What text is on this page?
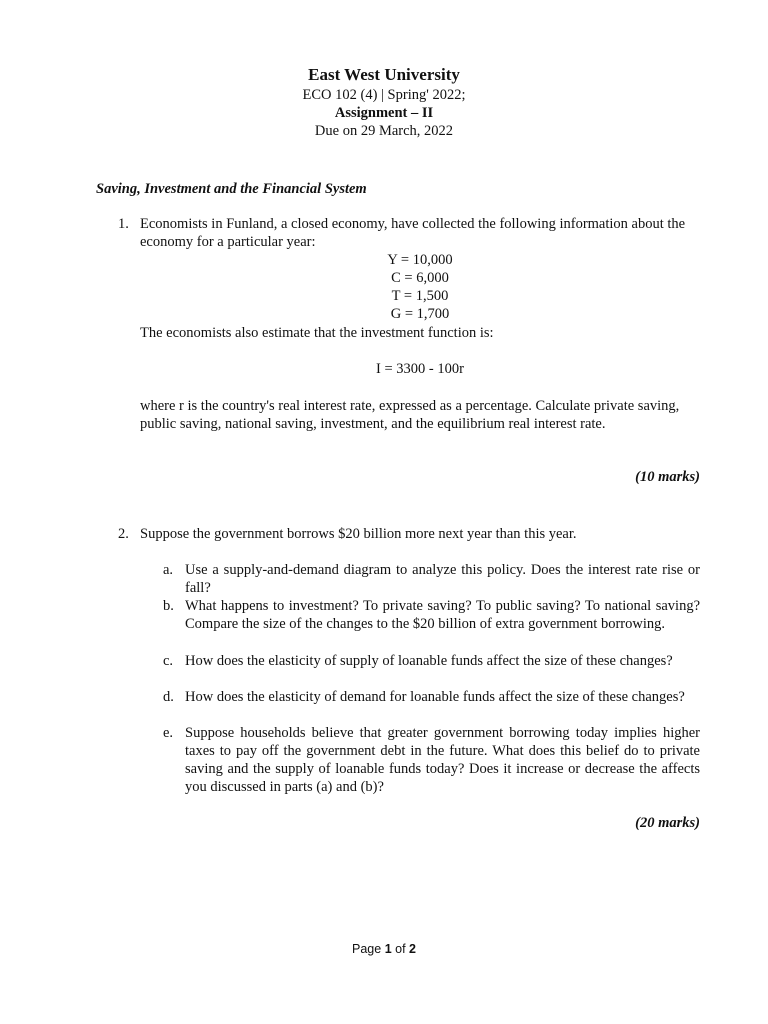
East West University
ECO 102 (4) | Spring' 2022;
Assignment – II
Due on 29 March, 2022
Saving, Investment and the Financial System
1. Economists in Funland, a closed economy, have collected the following information about the economy for a particular year:
Y = 10,000
C = 6,000
T = 1,500
G = 1,700
The economists also estimate that the investment function is:
I = 3300 - 100r
where r is the country's real interest rate, expressed as a percentage. Calculate private saving, public saving, national saving, investment, and the equilibrium real interest rate.
(10 marks)
2. Suppose the government borrows $20 billion more next year than this year.
a. Use a supply-and-demand diagram to analyze this policy. Does the interest rate rise or fall?
b. What happens to investment? To private saving? To public saving? To national saving? Compare the size of the changes to the $20 billion of extra government borrowing.
c. How does the elasticity of supply of loanable funds affect the size of these changes?
d. How does the elasticity of demand for loanable funds affect the size of these changes?
e. Suppose households believe that greater government borrowing today implies higher taxes to pay off the government debt in the future. What does this belief do to private saving and the supply of loanable funds today? Does it increase or decrease the affects you discussed in parts (a) and (b)?
(20 marks)
Page 1 of 2
